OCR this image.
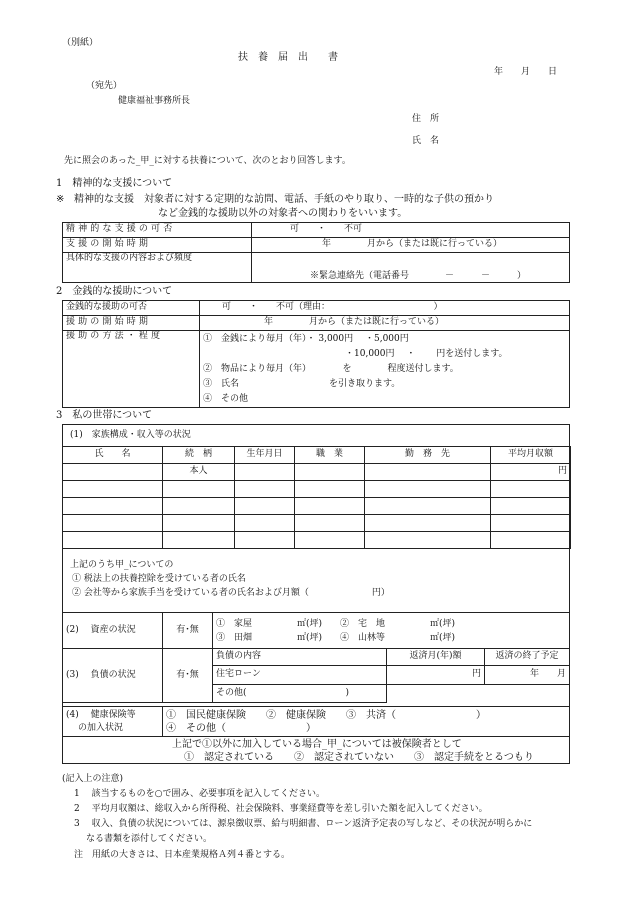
（別紙）
扶　養　届　出　　書
年　　月　　日
（宛先）
健康福祉事務所長
住　所
氏　名
先に照会のあった_甲_に対する扶養について、次のとおり回答します。
1　精神的な支援について
※ 精神的な支援　対象者に対する定期的な訪問、電話、手紙のやり取り、一時的な子供の預かり
など金銭的な援助以外の対象者への関わりをいいます。
精神的な支援の可否	可　　・　　不可
支援の開始時期	年　　　　月から（または既に行っている）
具体的な支援の内容および頻度	※緊急連絡先（電話番号　　　　－　　　－　　　）
2　金銭的な援助について
金銭的な援助の可否	可　　・　　不可（理由：　　　　　　　　　　　　）
援助の開始時期	年　　　　月から（または既に行っている）
援助の方法・程度	①　金銭により毎月（年）・ 3,000円　 ・5,000円
・10,000円　 ・　　 円を送付します。
②　物品により毎月（年）　　　　を　　　　程度送付します。
③　氏名　　　　　　　　　　を引き取ります。
④　その他
3　私の世帯について
(1)　家族構成・収入等の状況
氏　　名	続　柄	生年月日	職　業	勤　務　先	平均月収額
	本人				円

上記のうち甲_についての
① 税法上の扶養控除を受けている者の氏名
② 会社等から家族手当を受けている者の氏名および月額（　　　　　　　円）
(2)　 資産の状況	有･無	
①　家屋　　　　　㎡(坪)　　②　宅　地　　　　　㎡(坪)
③　田畑　　　　　㎡(坪)　　④　山林等　　　　　㎡(坪)
(3)　 負債の状況	有･無	負債の内容	返済月(年)額	返済の終了予定
		住宅ローン	円	年　　月
		その他(　　　　　　　　　　　)		
(4)　 健康保険等
の加入状況

①　国民健康保険　　②　健康保険　　③　共済（　　　　　　　　）
④　その他（　　　　　　　　）
上記で①以外に加入している場合_甲_については被保険者として
①　認定されている　　②　認定されていない　　③　認定手続をとるつもり
(記入上の注意)
1　 該当するものを○で囲み、必要事項を記入してください。
2　 平均月収額は、総収入から所得税、社会保険料、事業経費等を差し引いた額を記入してください。
3　 収入、負債の状況については、源泉徴収票、給与明細書、ローン返済予定表の写しなど、その状況が明らかに
なる書類を添付してください。
注　用紙の大きさは、日本産業規格Ａ列４番とする。
